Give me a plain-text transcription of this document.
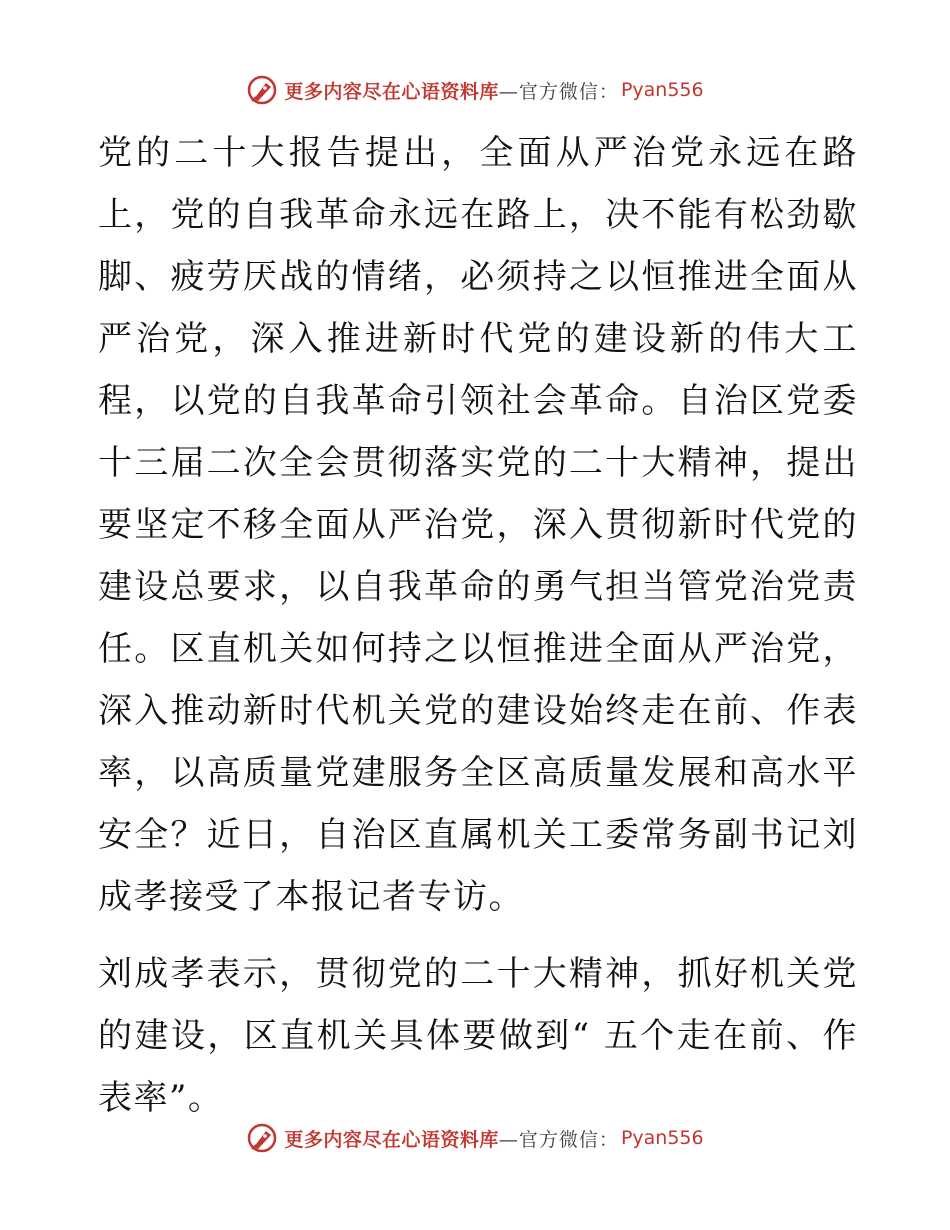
更多内容尽在心语资料库 —官方微信： Pyan556

党的二十大报告提出，全面从严治党永远在路上，党的自我革命永远在路上，决不能有松劲歇脚、疲劳厌战的情绪，必须持之以恒推进全面从严治党，深入推进新时代党的建设新的伟大工程，以党的自我革命引领社会革命。自治区党委十三届二次全会贯彻落实党的二十大精神，提出要坚定不移全面从严治党，深入贯彻新时代党的建设总要求，以自我革命的勇气担当管党治党责任。区直机关如何持之以恒推进全面从严治党，深入推动新时代机关党的建设始终走在前、作表率，以高质量党建服务全区高质量发展和高水平安全？近日，自治区直属机关工委常务副书记刘成孝接受了本报记者专访。

刘成孝表示，贯彻党的二十大精神，抓好机关党的建设，区直机关具体要做到“ 五个走在前、作表率”。

更多内容尽在心语资料库 —官方微信： Pyan556
